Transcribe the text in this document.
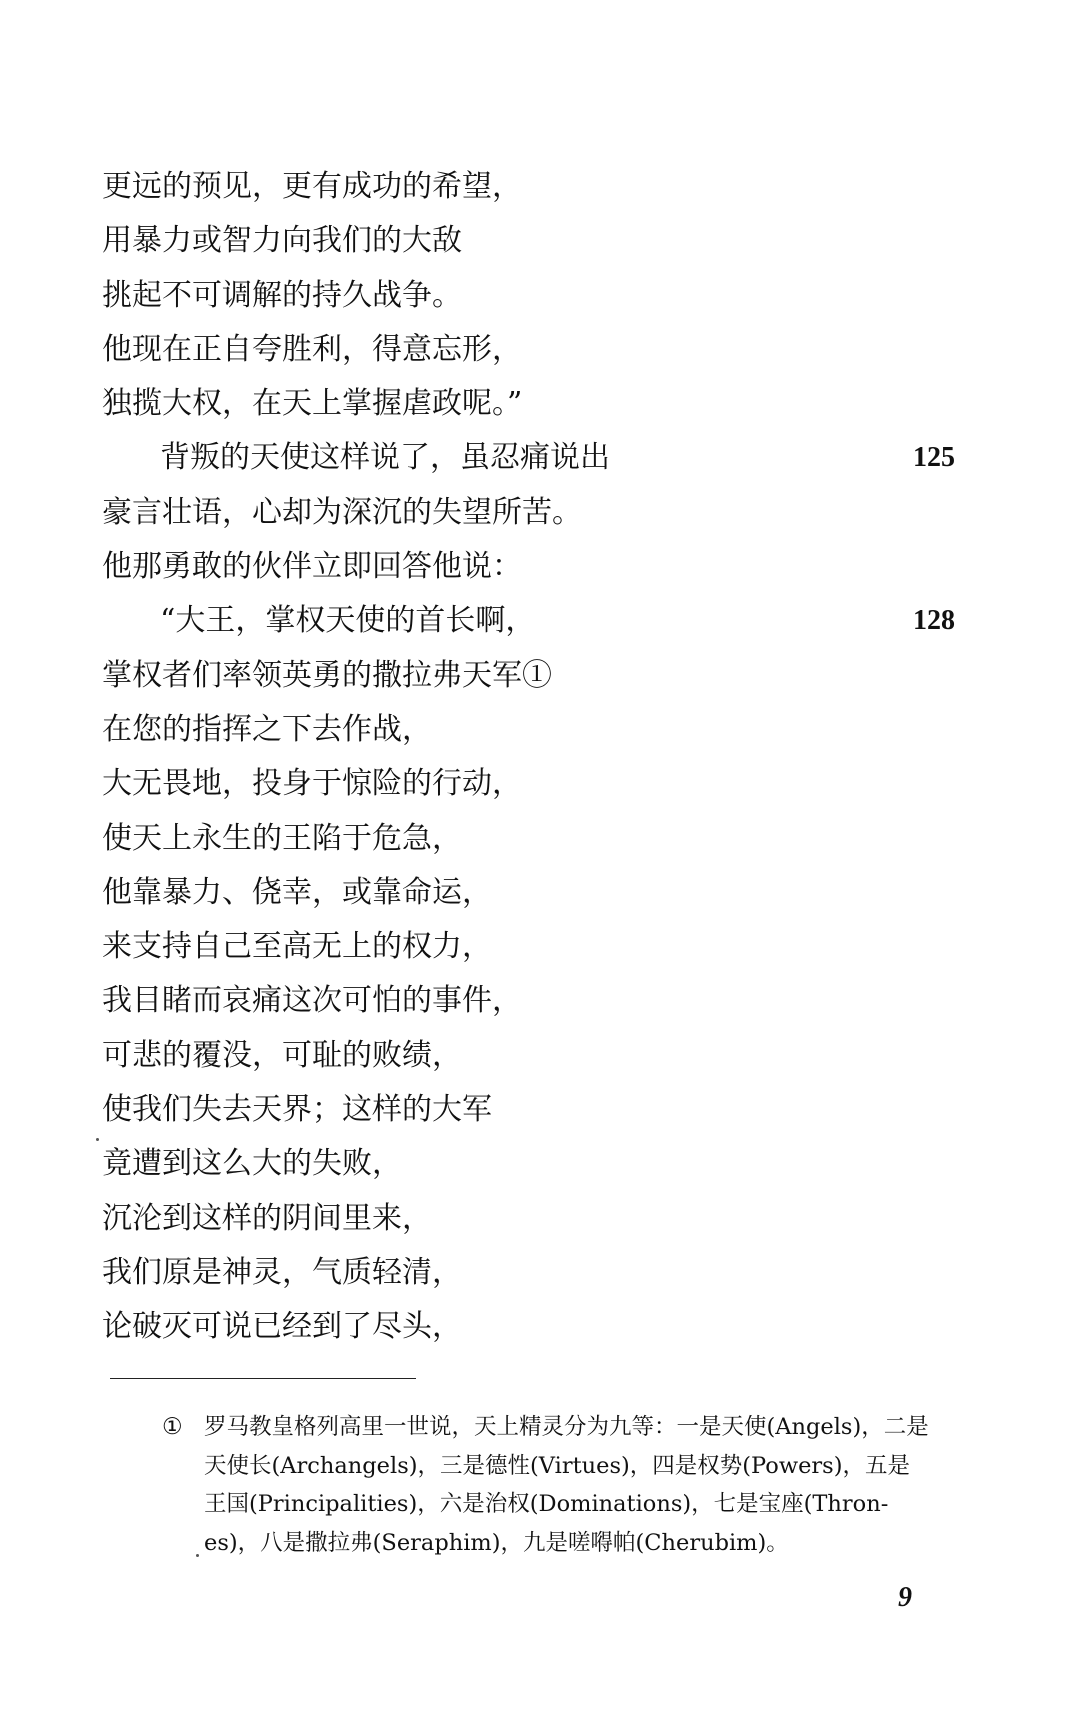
更远的预见，更有成功的希望，
用暴力或智力向我们的大敌
挑起不可调解的持久战争。
他现在正自夸胜利，得意忘形，
独揽大权，在天上掌握虐政呢。”
背叛的天使这样说了，虽忍痛说出	125
豪言壮语，心却为深沉的失望所苦。
他那勇敢的伙伴立即回答他说：
“大王，掌权天使的首长啊，	128
掌权者们率领英勇的撒拉弗天军①
在您的指挥之下去作战，
大无畏地，投身于惊险的行动，
使天上永生的王陷于危急，
他靠暴力、侥幸，或靠命运，
来支持自己至高无上的权力，
我目睹而哀痛这次可怕的事件，
可悲的覆没，可耻的败绩，
使我们失去天界；这样的大军
竟遭到这么大的失败，
沉沦到这样的阴间里来，
我们原是神灵，气质轻清，
论破灭可说已经到了尽头，
① 罗马教皇格列高里一世说，天上精灵分为九等：一是天使(Angels)，二是
天使长(Archangels)，三是德性(Virtues)，四是权势(Powers)，五是
王国(Principalities)，六是治权(Dominations)，七是宝座(Thron-
es)，八是撒拉弗(Seraphim)，九是嗟嘚帕(Cherubim)。
9
